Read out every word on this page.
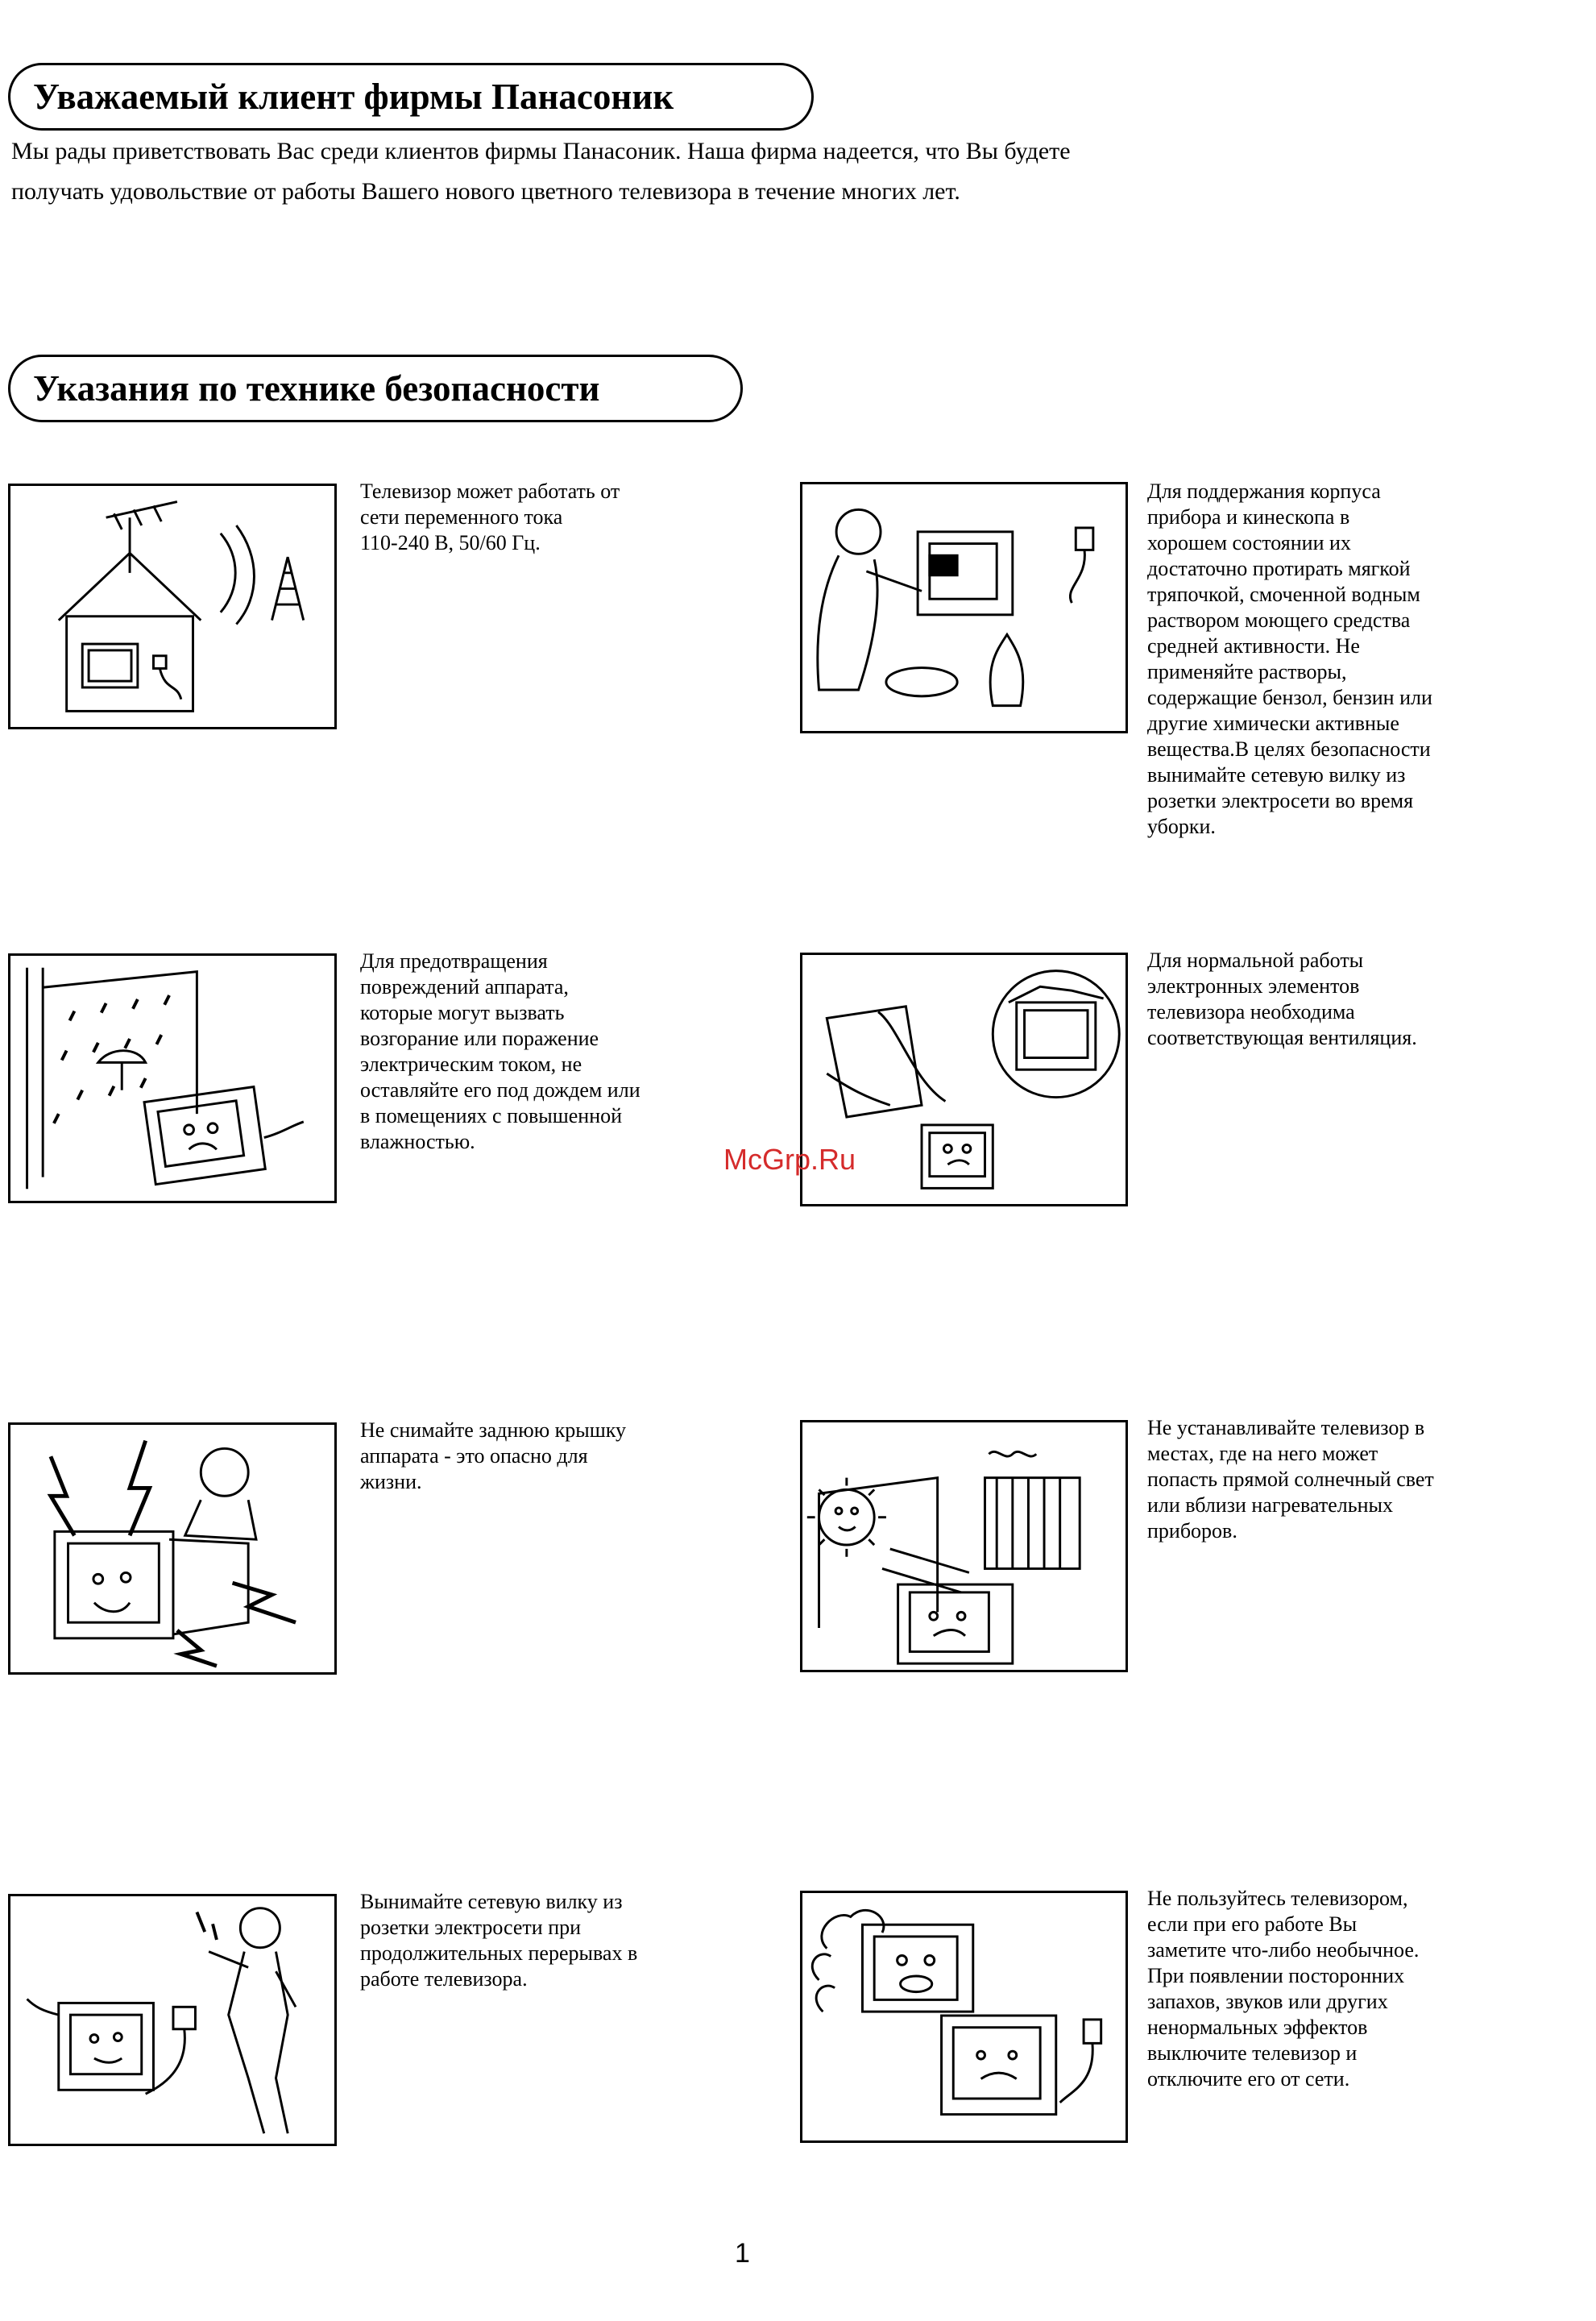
Уважаемый клиент фирмы Панасоник

Мы рады приветствовать Вас среди клиентов фирмы Панасоник. Наша фирма надеется, что Вы будете

получать удовольствие от работы Вашего нового цветного телевизора в течение многих лет.

Указания по технике безопасности
Телевизор может работать от
сети переменного тока
110-240 В, 50/60 Гц.
Для поддержания корпуса
прибора и кинескопа в
хорошем состоянии их
достаточно протирать мягкой
тряпочкой, смоченной водным
раствором моющего средства
средней активности. Не
применяйте растворы,
содержащие бензол, бензин или
другие химически активные
вещества.В целях безопасности
вынимайте сетевую вилку из
розетки электросети во время
уборки.
Для предотвращения
повреждений аппарата,
которые могут вызвать
возгорание или поражение
электрическим током, не
оставляйте его под дождем или
в помещениях с повышенной
влажностью.
Для нормальной работы
электронных элементов
телевизора необходима
соответствующая вентиляция.
Не снимайте заднюю крышку
аппарата - это опасно для
жизни.
Не устанавливайте телевизор в
местах, где на него может
попасть прямой солнечный свет
или вблизи нагревательных
приборов.
Вынимайте сетевую вилку из
розетки электросети при
продолжительных перерывах в
работе телевизора.
Не пользуйтесь телевизором,
если при его работе Вы
заметите что-либо необычное.
При появлении посторонних
запахов, звуков или других
ненормальных эффектов
выключите телевизор и
отключите его от сети.
McGrp.Ru
1
